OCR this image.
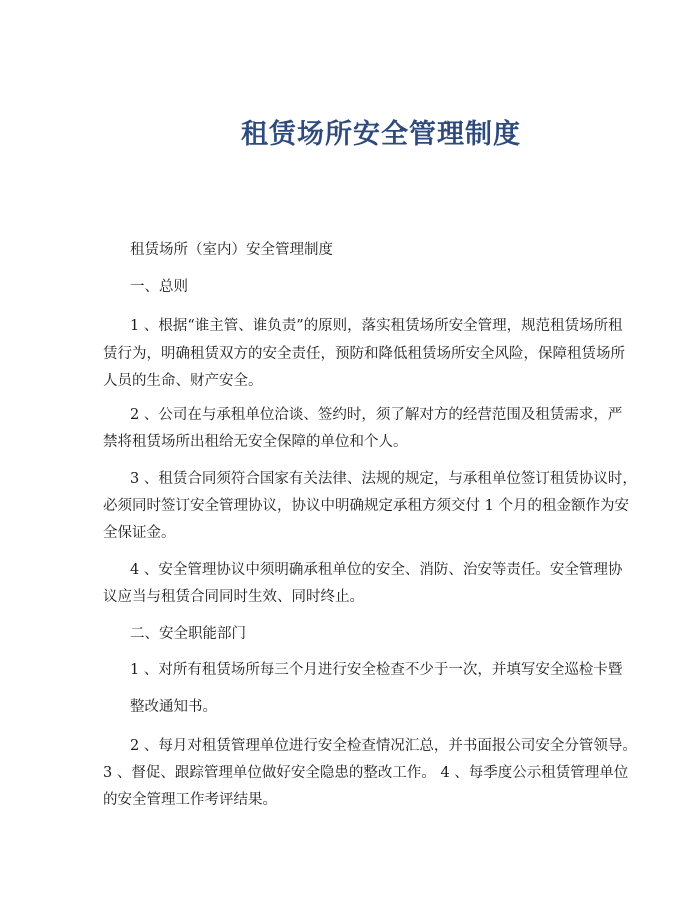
租赁场所安全管理制度

租赁场所（室内）安全管理制度

一、总则

1 、根据“谁主管、谁负责”的原则，落实租赁场所安全管理，规范租赁场所租

赁行为，明确租赁双方的安全责任，预防和降低租赁场所安全风险，保障租赁场所

人员的生命、财产安全。

2 、公司在与承租单位洽谈、签约时，须了解对方的经营范围及租赁需求，严

禁将租赁场所出租给无安全保障的单位和个人。

3 、租赁合同须符合国家有关法律、法规的规定，与承租单位签订租赁协议时，

必须同时签订安全管理协议，协议中明确规定承租方须交付 1 个月的租金额作为安

全保证金。

4 、安全管理协议中须明确承租单位的安全、消防、治安等责任。安全管理协

议应当与租赁合同同时生效、同时终止。

二、安全职能部门

1 、对所有租赁场所每三个月进行安全检查不少于一次，并填写安全巡检卡暨

整改通知书。

2 、每月对租赁管理单位进行安全检查情况汇总，并书面报公司安全分管领导。

3 、督促、跟踪管理单位做好安全隐患的整改工作。 4 、每季度公示租赁管理单位

的安全管理工作考评结果。
